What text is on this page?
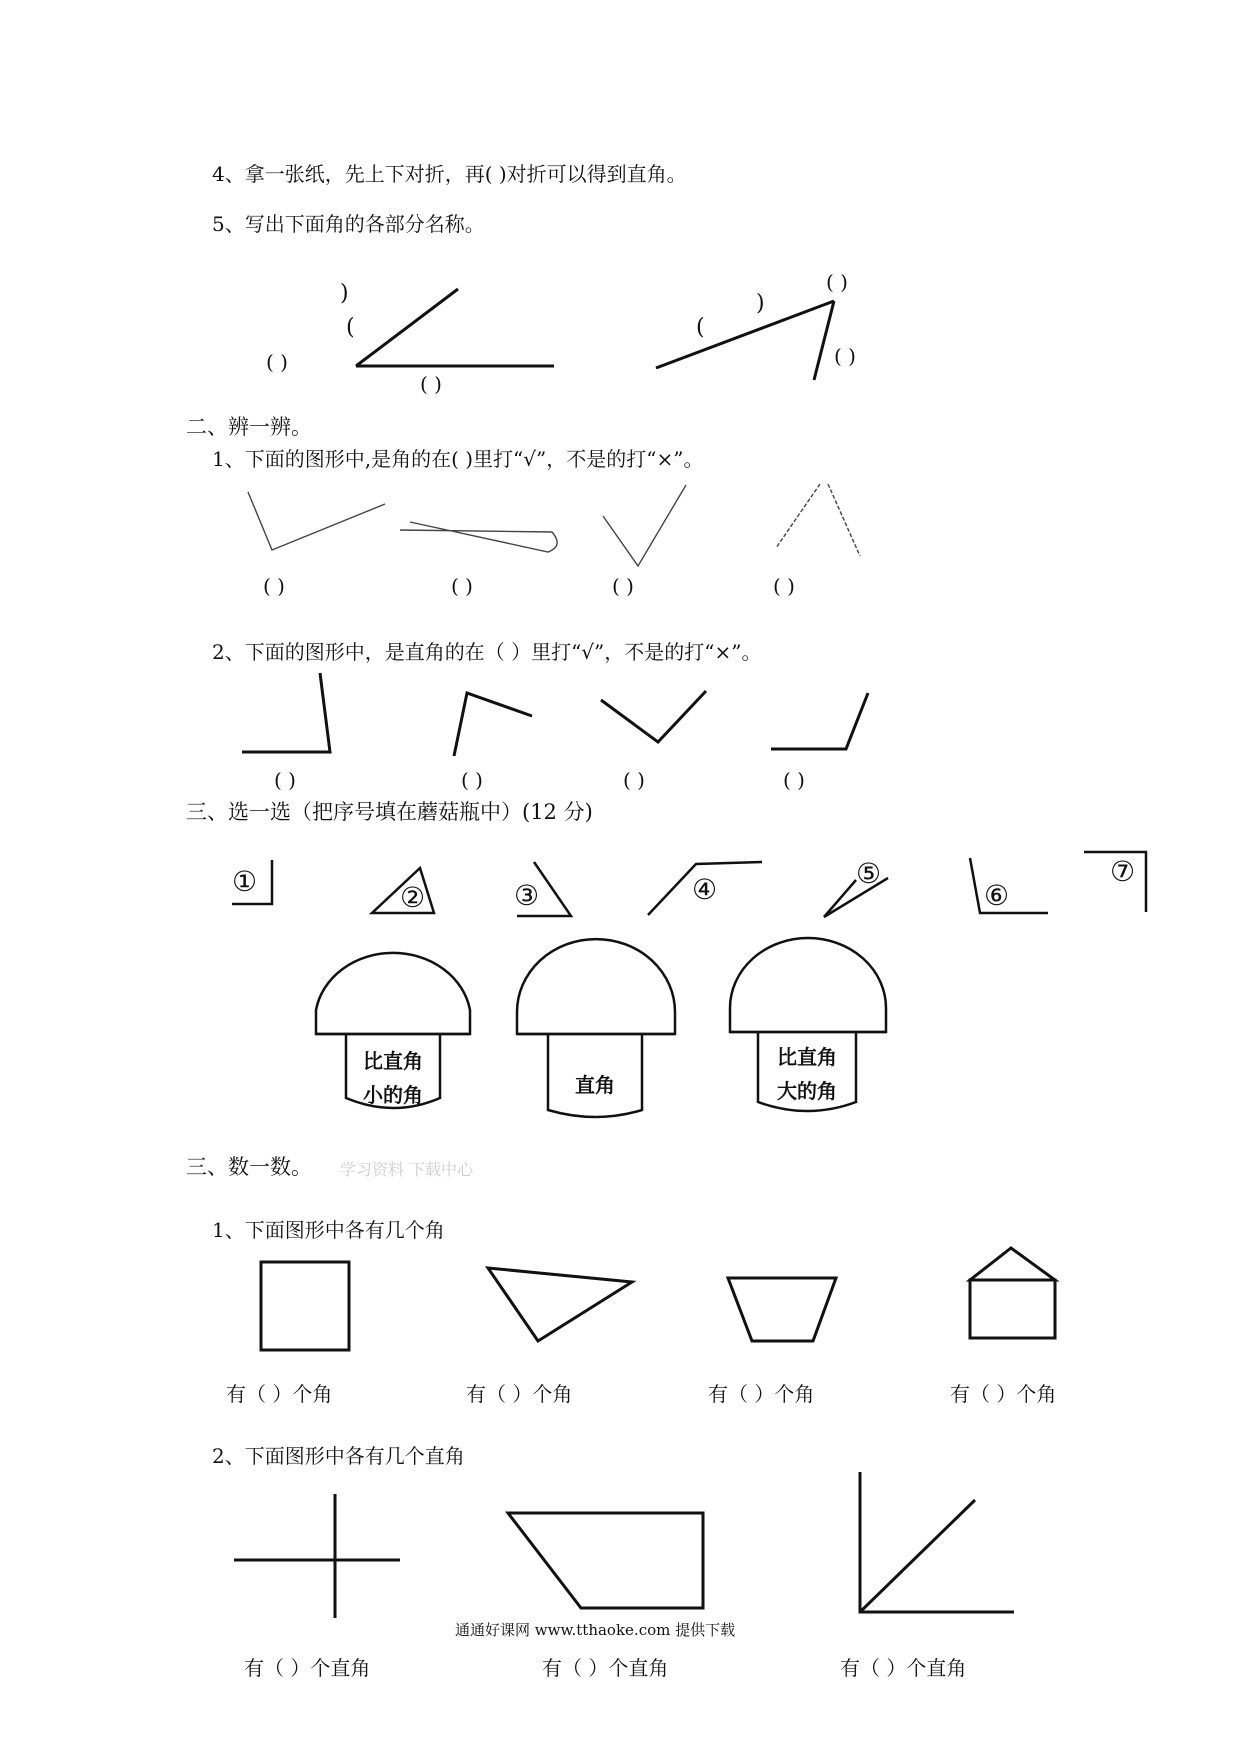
4、拿一张纸，先上下对折，再( )对折可以得到直角。
5、写出下面角的各部分名称。
)
(
( )
( )
( )
)
(
( )
二、辨一辨。
1、下面的图形中,是角的在( )里打“√”，不是的打“×”。
( )	( )	( )	( )
2、下面的图形中，是直角的在（ ）里打“√”，不是的打“×”。
( )	( )	( )	( )
三、选一选（把序号填在蘑菇瓶中）(12 分)
①	②	③	④	⑤
⑥
⑦
比直角
小的角	直角
比直角
大的角
三、数一数。 学习资料 下载中心
1、下面图形中各有几个角
有（ ）个角	有（ ）个角	有（ ）个角	有（ ）个角
2、下面图形中各有几个直角
通通好课网 www.tthaoke.com 提供下载
有（ ）个直角	有（ ）个直角	有（ ）个直角
